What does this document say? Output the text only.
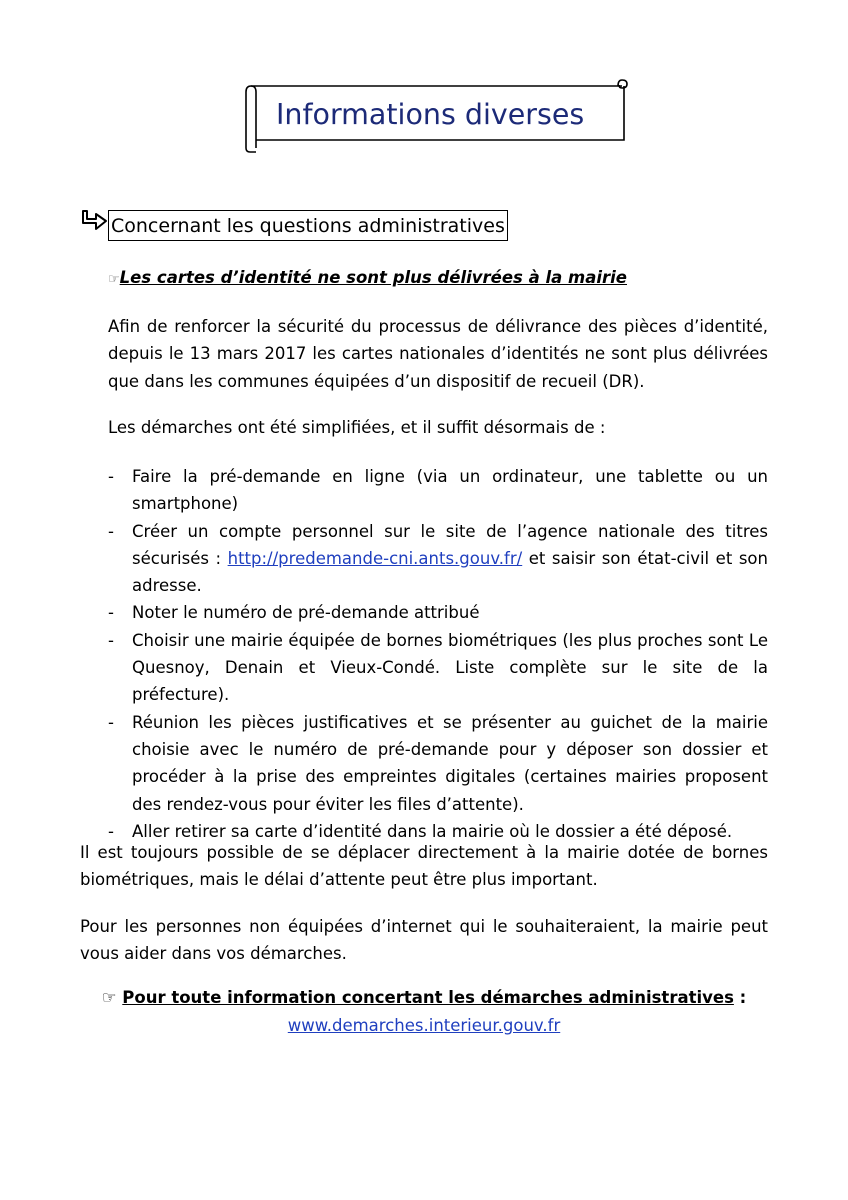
Informations diverses
Concernant les questions administratives
☞Les cartes d’identité ne sont plus délivrées à la mairie

Afin de renforcer la sécurité du processus de délivrance des pièces d’identité, depuis le 13 mars 2017 les cartes nationales d’identités ne sont plus délivrées que dans les communes équipées d’un dispositif de recueil (DR).

Les démarches ont été simplifiées, et il suffit désormais de :

- Faire la pré-demande en ligne (via un ordinateur, une tablette ou un smartphone)
- Créer un compte personnel sur le site de l’agence nationale des titres sécurisés : http://predemande-cni.ants.gouv.fr/ et saisir son état-civil et son adresse.
- Noter le numéro de pré-demande attribué
- Choisir une mairie équipée de bornes biométriques (les plus proches sont Le Quesnoy, Denain et Vieux-Condé. Liste complète sur le site de la préfecture).
- Réunion les pièces justificatives et se présenter au guichet de la mairie choisie avec le numéro de pré-demande pour y déposer son dossier et procéder à la prise des empreintes digitales (certaines mairies proposent des rendez-vous pour éviter les files d’attente).
- Aller retirer sa carte d’identité dans la mairie où le dossier a été déposé.

Il est toujours possible de se déplacer directement à la mairie dotée de bornes biométriques, mais le délai d’attente peut être plus important.

Pour les personnes non équipées d’internet qui le souhaiteraient, la mairie peut vous aider dans vos démarches.

☞ Pour toute information concertant les démarches administratives :
www.demarches.interieur.gouv.fr
